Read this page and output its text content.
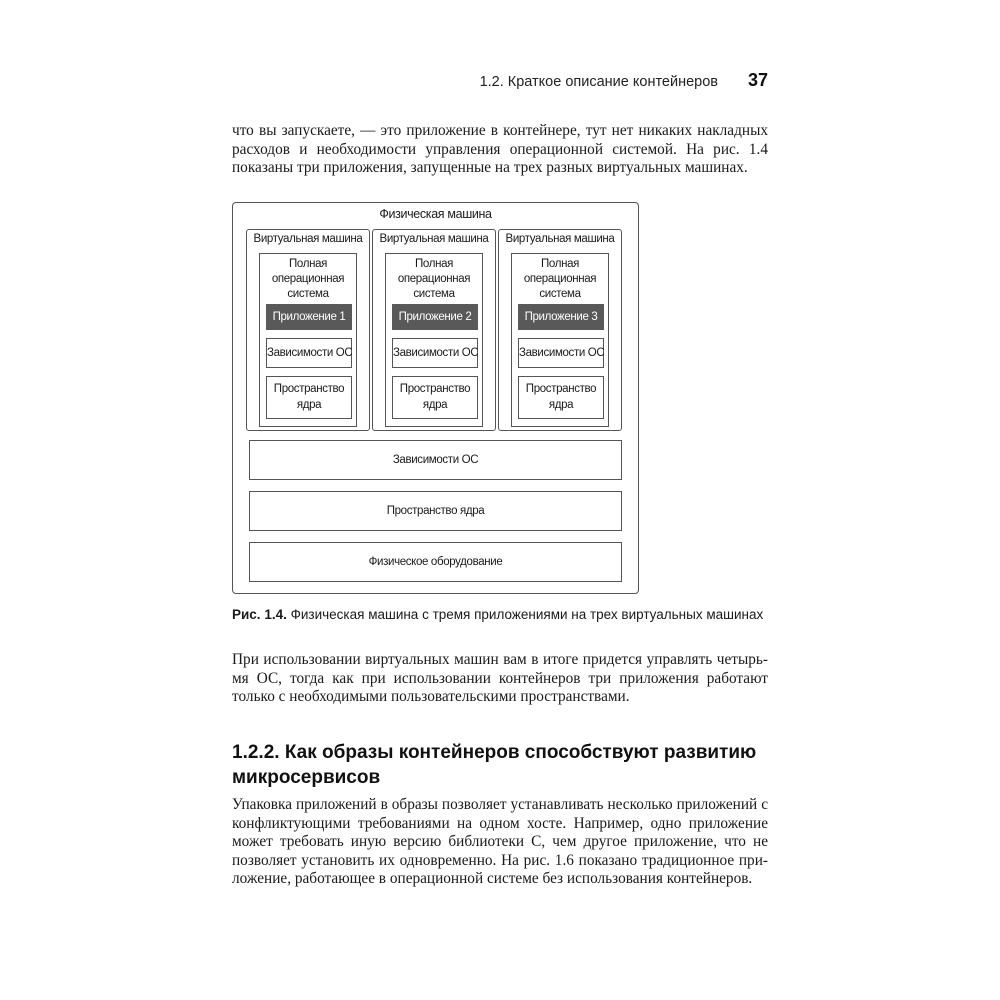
1.2. Краткое описание контейнеров 37

что вы запускаете, — это приложение в контейнере, тут нет никаких накладных расходов и необходимости управления операционной системой. На рис. 1.4 показаны три приложения, запущенные на трех разных виртуальных машинах.

Физическая машина
Виртуальная машина
Полная
операционная
система
Приложение 1
Зависимости ОС
Пространство
ядра
Виртуальная машина
Полная
операционная
система
Приложение 2
Зависимости ОС
Пространство
ядра
Виртуальная машина
Полная
операционная
система
Приложение 3
Зависимости ОС
Пространство
ядра
Зависимости ОС
Пространство ядра
Физическое оборудование
Рис. 1.4. Физическая машина с тремя приложениями на трех виртуальных машинах

При использовании виртуальных машин вам в итоге придется управлять четырьмя ОС, тогда как при использовании контейнеров три приложения работают только с необходимыми пользовательскими пространствами.

1.2.2. Как образы контейнеров способствуют развитию микросервисов

Упаковка приложений в образы позволяет устанавливать несколько приложений с конфликтующими требованиями на одном хосте. Например, одно приложение может требовать иную версию библиотеки С, чем другое приложение, что не позволяет установить их одновременно. На рис. 1.6 показано традиционное приложение, работающее в операционной системе без использования контейнеров.
